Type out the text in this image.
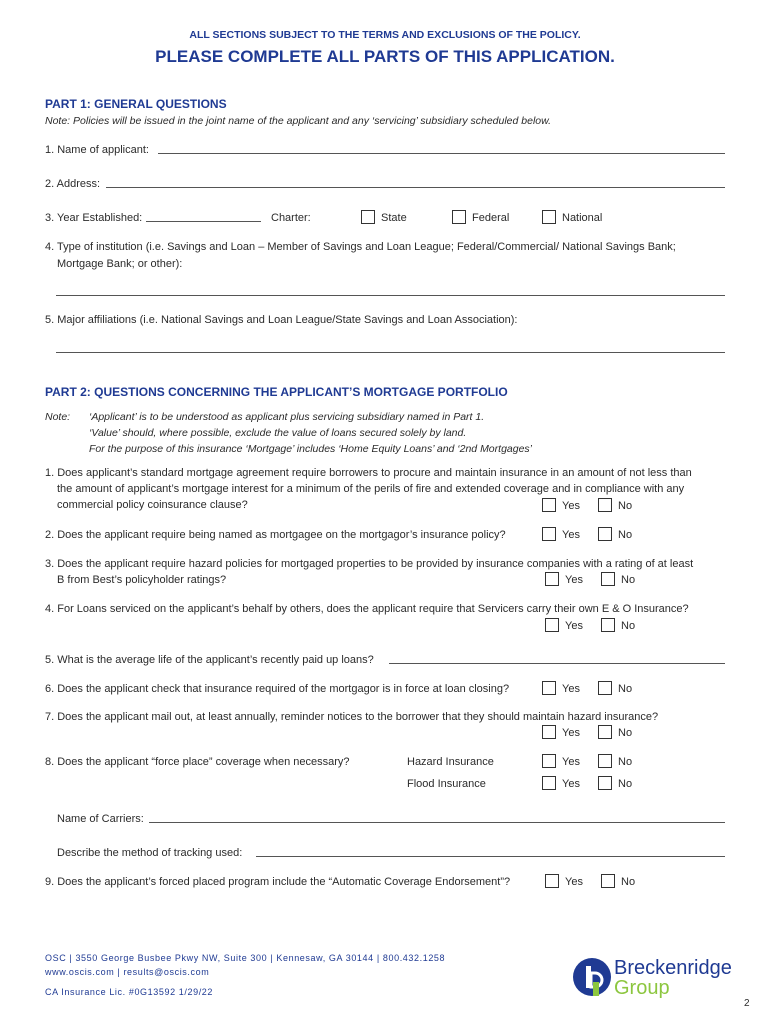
ALL SECTIONS SUBJECT TO THE TERMS AND EXCLUSIONS OF THE POLICY.
PLEASE COMPLETE ALL PARTS OF THIS APPLICATION.
PART 1: GENERAL QUESTIONS
Note: Policies will be issued in the joint name of the applicant and any ‘servicing’ subsidiary scheduled below.
1. Name of applicant:
2. Address:
3. Year Established:	Charter:	State	Federal	National
4. Type of institution (i.e. Savings and Loan – Member of Savings and Loan League; Federal/Commercial/ National Savings Bank;
Mortgage Bank; or other):
5. Major affiliations (i.e. National Savings and Loan League/State Savings and Loan Association):
PART 2: QUESTIONS CONCERNING THE APPLICANT’S MORTGAGE PORTFOLIO
Note: ‘Applicant’ is to be understood as applicant plus servicing subsidiary named in Part 1.
‘Value’ should, where possible, exclude the value of loans secured solely by land.
For the purpose of this insurance ‘Mortgage’ includes ‘Home Equity Loans’ and ‘2nd Mortgages’
1. Does applicant’s standard mortgage agreement require borrowers to procure and maintain insurance in an amount of not less than
the amount of applicant’s mortgage interest for a minimum of the perils of fire and extended coverage and in compliance with any
commercial policy coinsurance clause?	Yes	No
2. Does the applicant require being named as mortgagee on the mortgagor’s insurance policy?	Yes	No
3. Does the applicant require hazard policies for mortgaged properties to be provided by insurance companies with a rating of at least
B from Best’s policyholder ratings?	Yes	No
4. For Loans serviced on the applicant’s behalf by others, does the applicant require that Servicers carry their own E & O Insurance?
Yes	No
5. What is the average life of the applicant’s recently paid up loans?
6. Does the applicant check that insurance required of the mortgagor is in force at loan closing?	Yes	No
7. Does the applicant mail out, at least annually, reminder notices to the borrower that they should maintain hazard insurance?
Yes	No
8. Does the applicant “force place” coverage when necessary?	Hazard Insurance	Yes	No
Flood Insurance	Yes	No
Name of Carriers:
Describe the method of tracking used:
9. Does the applicant’s forced placed program include the “Automatic Coverage Endorsement”?	Yes	No
OSC | 3550 George Busbee Pkwy NW, Suite 300 | Kennesaw, GA 30144 | 800.432.1258
www.oscis.com | results@oscis.com
CA Insurance Lic. #0G13592 1/29/22
Breckenridge
Group
2
